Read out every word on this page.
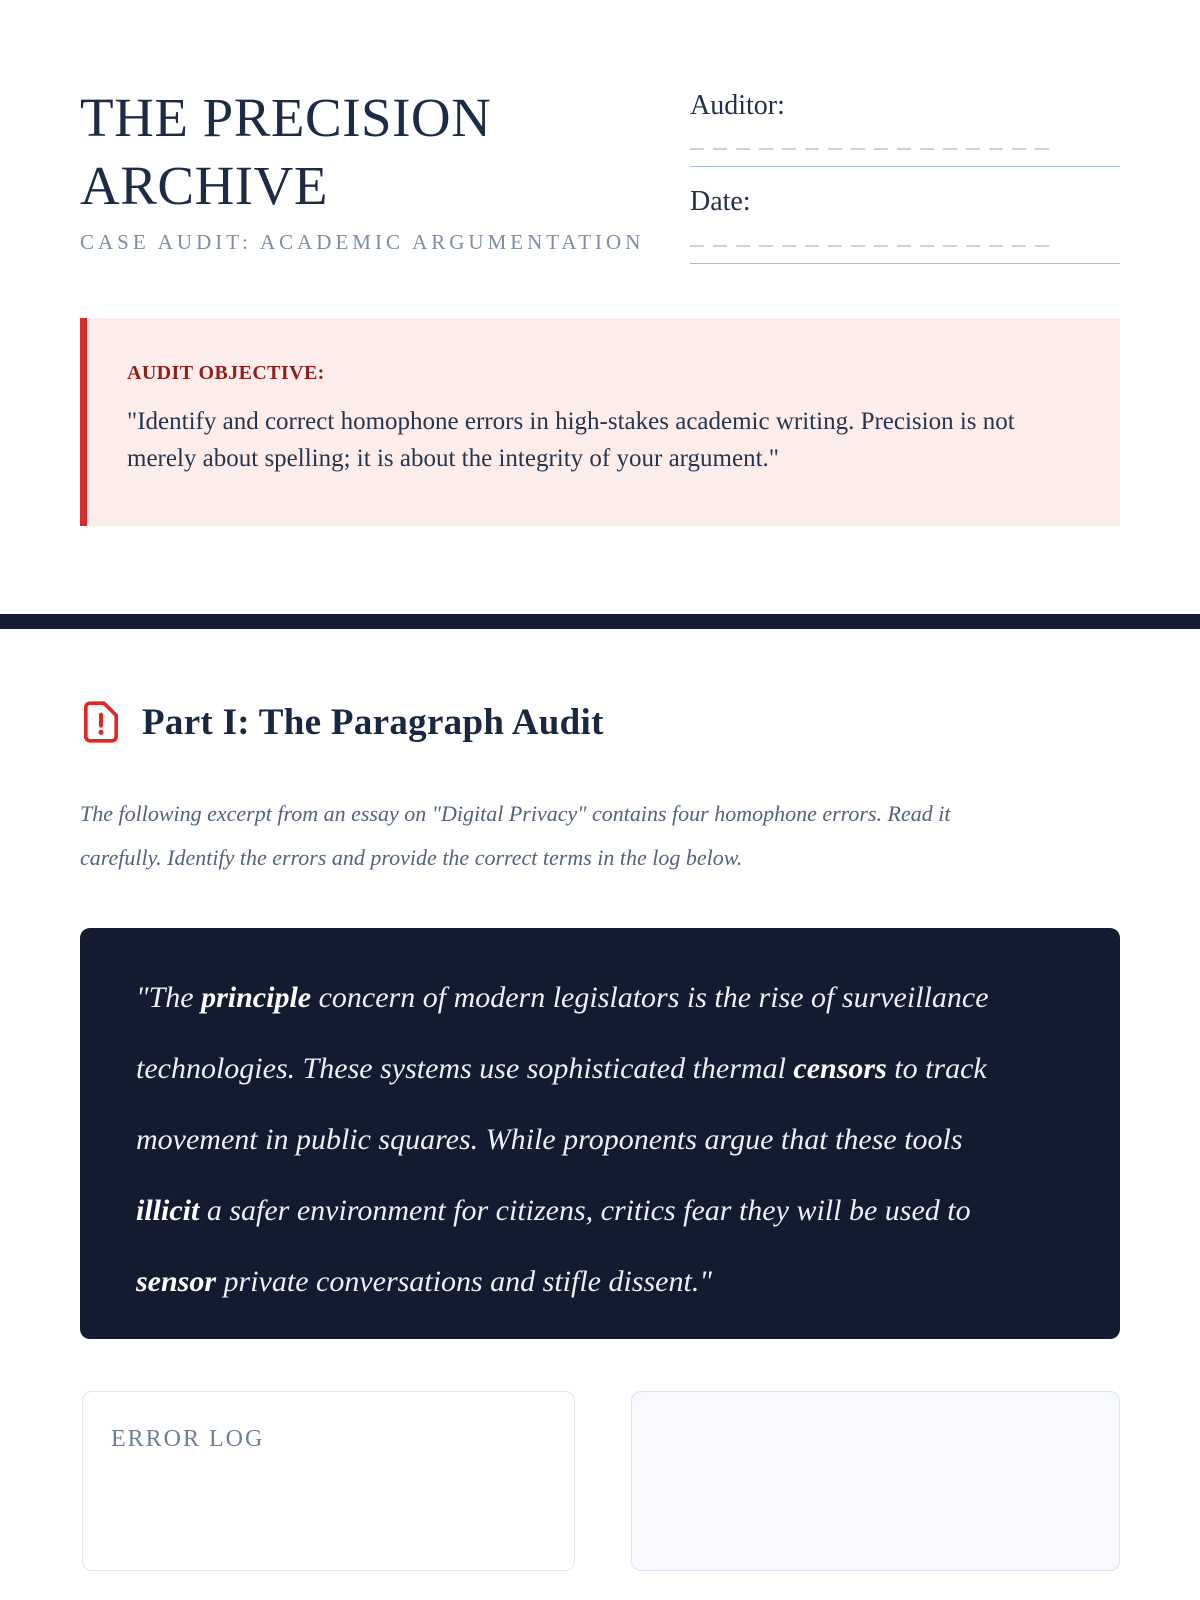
THE PRECISION ARCHIVE
CASE AUDIT: ACADEMIC ARGUMENTATION
Auditor:
Date:
AUDIT OBJECTIVE:

"Identify and correct homophone errors in high-stakes academic writing. Precision is not merely about spelling; it is about the integrity of your argument."

Part I: The Paragraph Audit

The following excerpt from an essay on "Digital Privacy" contains four homophone errors. Read it carefully. Identify the errors and provide the correct terms in the log below.

"The principle concern of modern legislators is the rise of surveillance technologies. These systems use sophisticated thermal censors to track movement in public squares. While proponents argue that these tools illicit a safer environment for citizens, critics fear they will be used to sensor private conversations and stifle dissent."

ERROR LOG
